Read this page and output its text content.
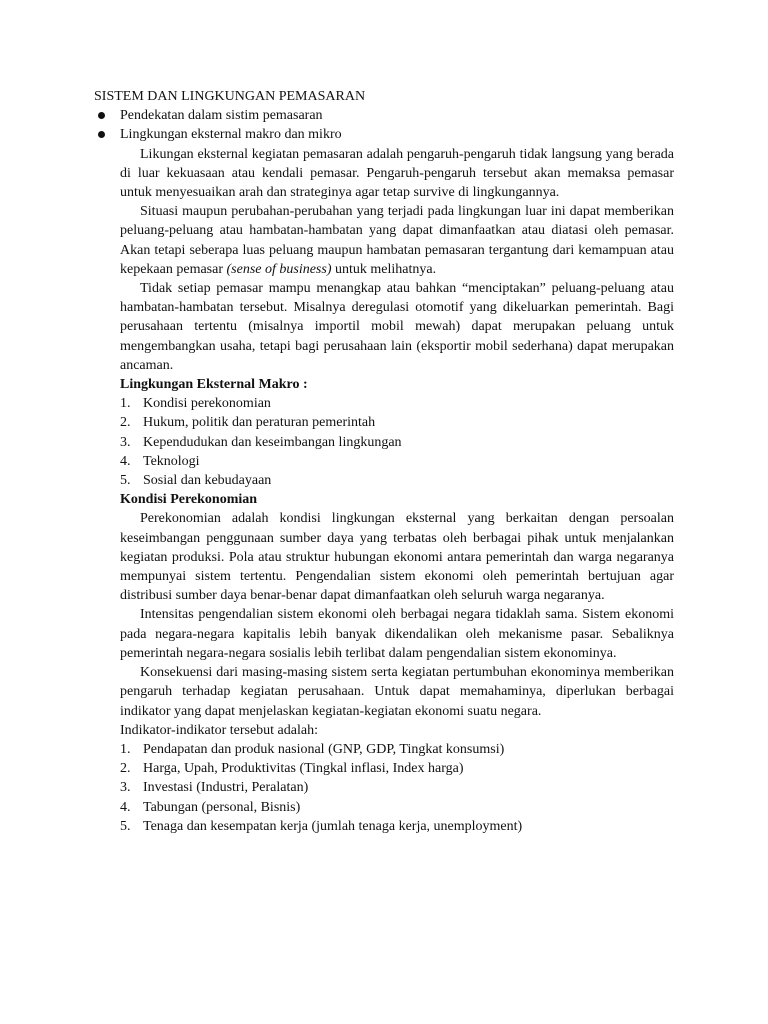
SISTEM DAN LINGKUNGAN PEMASARAN
Pendekatan dalam sistim pemasaran
Lingkungan eksternal makro dan mikro

Likungan eksternal kegiatan pemasaran adalah pengaruh-pengaruh tidak langsung yang berada di luar kekuasaan atau kendali pemasar. Pengaruh-pengaruh tersebut akan memaksa pemasar untuk menyesuaikan arah dan strateginya agar tetap survive di lingkungannya.

Situasi maupun perubahan-perubahan yang terjadi pada lingkungan luar ini dapat memberikan peluang-peluang atau hambatan-hambatan yang dapat dimanfaatkan atau diatasi oleh pemasar. Akan tetapi seberapa luas peluang maupun hambatan pemasaran tergantung dari kemampuan atau kepekaan pemasar (sense of business) untuk melihatnya.

Tidak setiap pemasar mampu menangkap atau bahkan “menciptakan” peluang-peluang atau hambatan-hambatan tersebut. Misalnya deregulasi otomotif yang dikeluarkan pemerintah. Bagi perusahaan tertentu (misalnya importil mobil mewah) dapat merupakan peluang untuk mengembangkan usaha, tetapi bagi perusahaan lain (eksportir mobil sederhana) dapat merupakan ancaman.

Lingkungan Eksternal Makro :

1. Kondisi perekonomian
2. Hukum, politik dan peraturan pemerintah
3. Kependudukan dan keseimbangan lingkungan
4. Teknologi
5. Sosial dan kebudayaan

Kondisi Perekonomian

Perekonomian adalah kondisi lingkungan eksternal yang berkaitan dengan persoalan keseimbangan penggunaan sumber daya yang terbatas oleh berbagai pihak untuk menjalankan kegiatan produksi. Pola atau struktur hubungan ekonomi antara pemerintah dan warga negaranya mempunyai sistem tertentu. Pengendalian sistem ekonomi oleh pemerintah bertujuan agar distribusi sumber daya benar-benar dapat dimanfaatkan oleh seluruh warga negaranya.

Intensitas pengendalian sistem ekonomi oleh berbagai negara tidaklah sama. Sistem ekonomi pada negara-negara kapitalis lebih banyak dikendalikan oleh mekanisme pasar. Sebaliknya pemerintah negara-negara sosialis lebih terlibat dalam pengendalian sistem ekonominya.

Konsekuensi dari masing-masing sistem serta kegiatan pertumbuhan ekonominya memberikan pengaruh terhadap kegiatan perusahaan. Untuk dapat memahaminya, diperlukan berbagai indikator yang dapat menjelaskan kegiatan-kegiatan ekonomi suatu negara.

Indikator-indikator tersebut adalah:

1. Pendapatan dan produk nasional (GNP, GDP, Tingkat konsumsi)
2. Harga, Upah, Produktivitas (Tingkal inflasi, Index harga)
3. Investasi (Industri, Peralatan)
4. Tabungan (personal, Bisnis)
5. Tenaga dan kesempatan kerja (jumlah tenaga kerja, unemployment)
